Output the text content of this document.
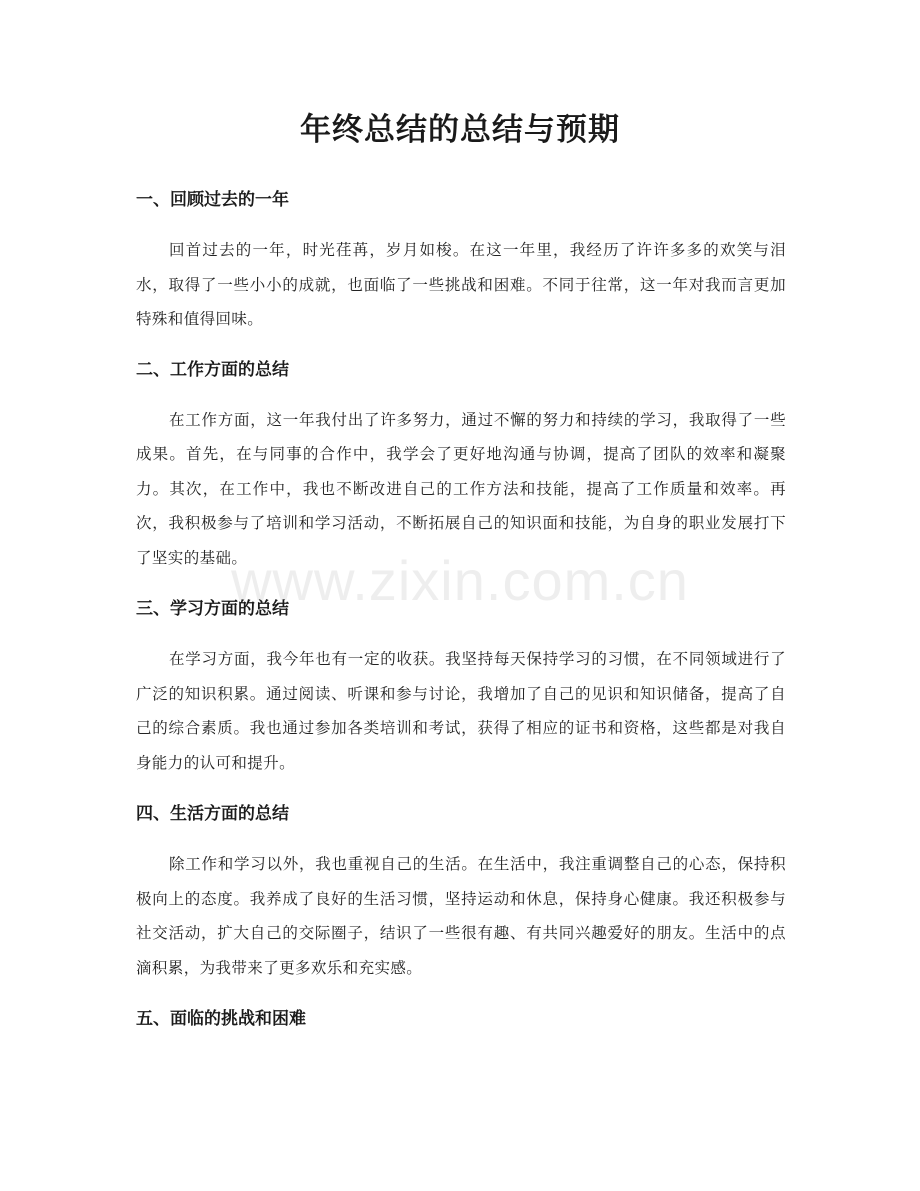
年终总结的总结与预期
一、回顾过去的一年

回首过去的一年，时光荏苒，岁月如梭。在这一年里，我经历了许许多多的欢笑与泪水，取得了一些小小的成就，也面临了一些挑战和困难。不同于往常，这一年对我而言更加特殊和值得回味。

二、工作方面的总结

在工作方面，这一年我付出了许多努力，通过不懈的努力和持续的学习，我取得了一些成果。首先，在与同事的合作中，我学会了更好地沟通与协调，提高了团队的效率和凝聚力。其次，在工作中，我也不断改进自己的工作方法和技能，提高了工作质量和效率。再次，我积极参与了培训和学习活动，不断拓展自己的知识面和技能，为自身的职业发展打下了坚实的基础。

三、学习方面的总结

在学习方面，我今年也有一定的收获。我坚持每天保持学习的习惯，在不同领域进行了广泛的知识积累。通过阅读、听课和参与讨论，我增加了自己的见识和知识储备，提高了自己的综合素质。我也通过参加各类培训和考试，获得了相应的证书和资格，这些都是对我自身能力的认可和提升。

四、生活方面的总结

除工作和学习以外，我也重视自己的生活。在生活中，我注重调整自己的心态，保持积极向上的态度。我养成了良好的生活习惯，坚持运动和休息，保持身心健康。我还积极参与社交活动，扩大自己的交际圈子，结识了一些很有趣、有共同兴趣爱好的朋友。生活中的点滴积累，为我带来了更多欢乐和充实感。

五、面临的挑战和困难
www.zixin.com.cn
